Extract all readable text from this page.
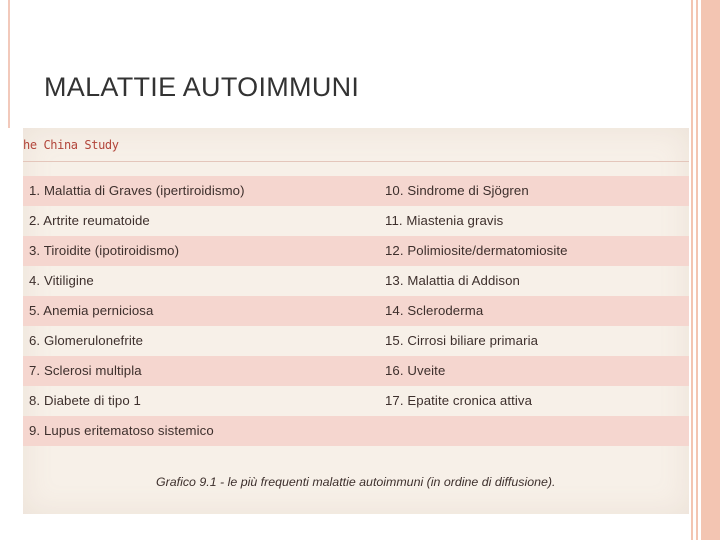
MALATTIE AUTOIMMUNI
he China Study
1. Malattia di Graves (ipertiroidismo)	10. Sindrome di Sjögren
2. Artrite reumatoide	11. Miastenia gravis
3. Tiroidite (ipotiroidismo)	12. Polimiosite/dermatomiosite
4. Vitiligine	13. Malattia di Addison
5. Anemia perniciosa	14. Scleroderma
6. Glomerulonefrite	15. Cirrosi biliare primaria
7. Sclerosi multipla	16. Uveite
8. Diabete di tipo 1	17. Epatite cronica attiva
9. Lupus eritematoso sistemico
Grafico 9.1 - le più frequenti malattie autoimmuni (in ordine di diffusione).
